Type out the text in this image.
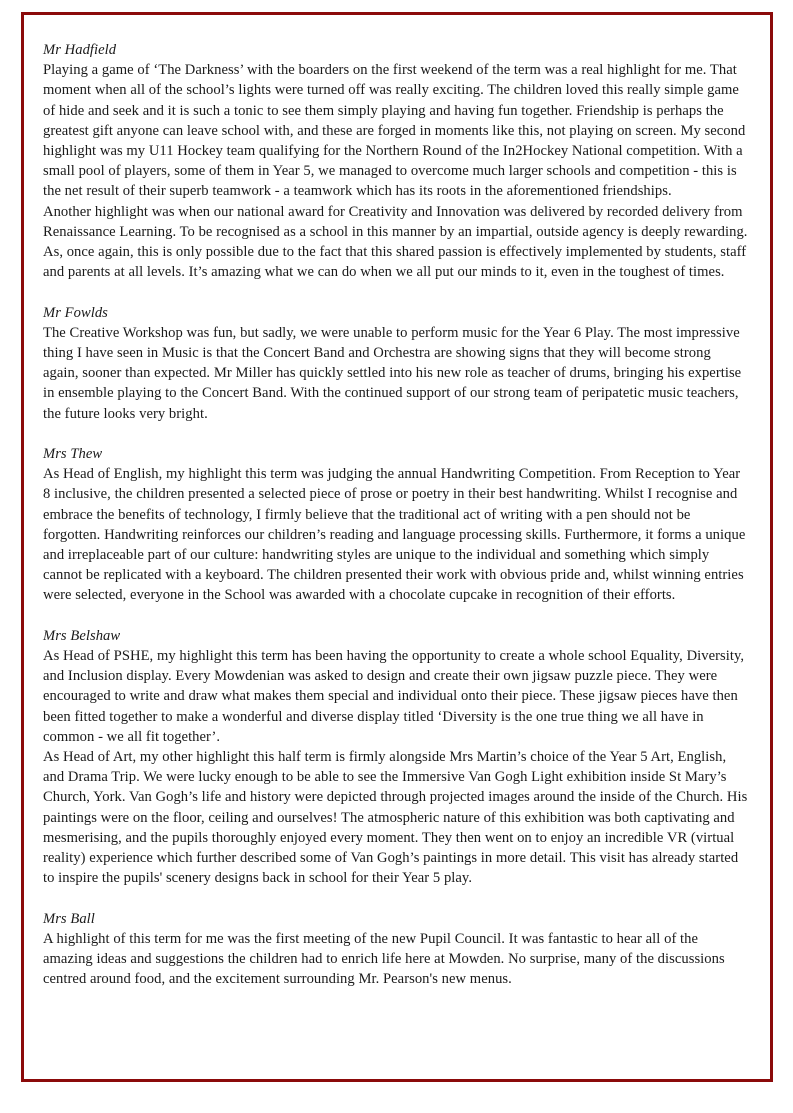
Mr Hadfield

Playing a game of ‘The Darkness’ with the boarders on the first weekend of the term was a real highlight for me. That moment when all of the school’s lights were turned off was really exciting. The children loved this really simple game of hide and seek and it is such a tonic to see them simply playing and having fun together. Friendship is perhaps the greatest gift anyone can leave school with, and these are forged in moments like this, not playing on screen. My second highlight was my U11 Hockey team qualifying for the Northern Round of the In2Hockey National competition. With a small pool of players, some of them in Year 5, we managed to overcome much larger schools and competition - this is the net result of their superb teamwork - a teamwork which has its roots in the aforementioned friendships.

Another highlight was when our national award for Creativity and Innovation was delivered by recorded delivery from Renaissance Learning. To be recognised as a school in this manner by an impartial, outside agency is deeply rewarding. As, once again, this is only possible due to the fact that this shared passion is effectively implemented by students, staff and parents at all levels. It’s amazing what we can do when we all put our minds to it, even in the toughest of times.

Mr Fowlds

The Creative Workshop was fun, but sadly, we were unable to perform music for the Year 6 Play. The most impressive thing I have seen in Music is that the Concert Band and Orchestra are showing signs that they will become strong again, sooner than expected. Mr Miller has quickly settled into his new role as teacher of drums, bringing his expertise in ensemble playing to the Concert Band. With the continued support of our strong team of peripatetic music teachers, the future looks very bright.

Mrs Thew

As Head of English, my highlight this term was judging the annual Handwriting Competition. From Reception to Year 8 inclusive, the children presented a selected piece of prose or poetry in their best handwriting. Whilst I recognise and embrace the benefits of technology, I firmly believe that the traditional act of writing with a pen should not be forgotten. Handwriting reinforces our children’s reading and language processing skills. Furthermore, it forms a unique and irreplaceable part of our culture: handwriting styles are unique to the individual and something which simply cannot be replicated with a keyboard. The children presented their work with obvious pride and, whilst winning entries were selected, everyone in the School was awarded with a chocolate cupcake in recognition of their efforts.

Mrs Belshaw

As Head of PSHE, my highlight this term has been having the opportunity to create a whole school Equality, Diversity, and Inclusion display. Every Mowdenian was asked to design and create their own jigsaw puzzle piece. They were encouraged to write and draw what makes them special and individual onto their piece. These jigsaw pieces have then been fitted together to make a wonderful and diverse display titled ‘Diversity is the one true thing we all have in common - we all fit together’.

As Head of Art, my other highlight this half term is firmly alongside Mrs Martin’s choice of the Year 5 Art, English, and Drama Trip. We were lucky enough to be able to see the Immersive Van Gogh Light exhibition inside St Mary’s Church, York. Van Gogh’s life and history were depicted through projected images around the inside of the Church. His paintings were on the floor, ceiling and ourselves! The atmospheric nature of this exhibition was both captivating and mesmerising, and the pupils thoroughly enjoyed every moment. They then went on to enjoy an incredible VR (virtual reality) experience which further described some of Van Gogh’s paintings in more detail. This visit has already started to inspire the pupils' scenery designs back in school for their Year 5 play.

Mrs Ball

A highlight of this term for me was the first meeting of the new Pupil Council. It was fantastic to hear all of the amazing ideas and suggestions the children had to enrich life here at Mowden. No surprise, many of the discussions centred around food, and the excitement surrounding Mr. Pearson's new menus.
